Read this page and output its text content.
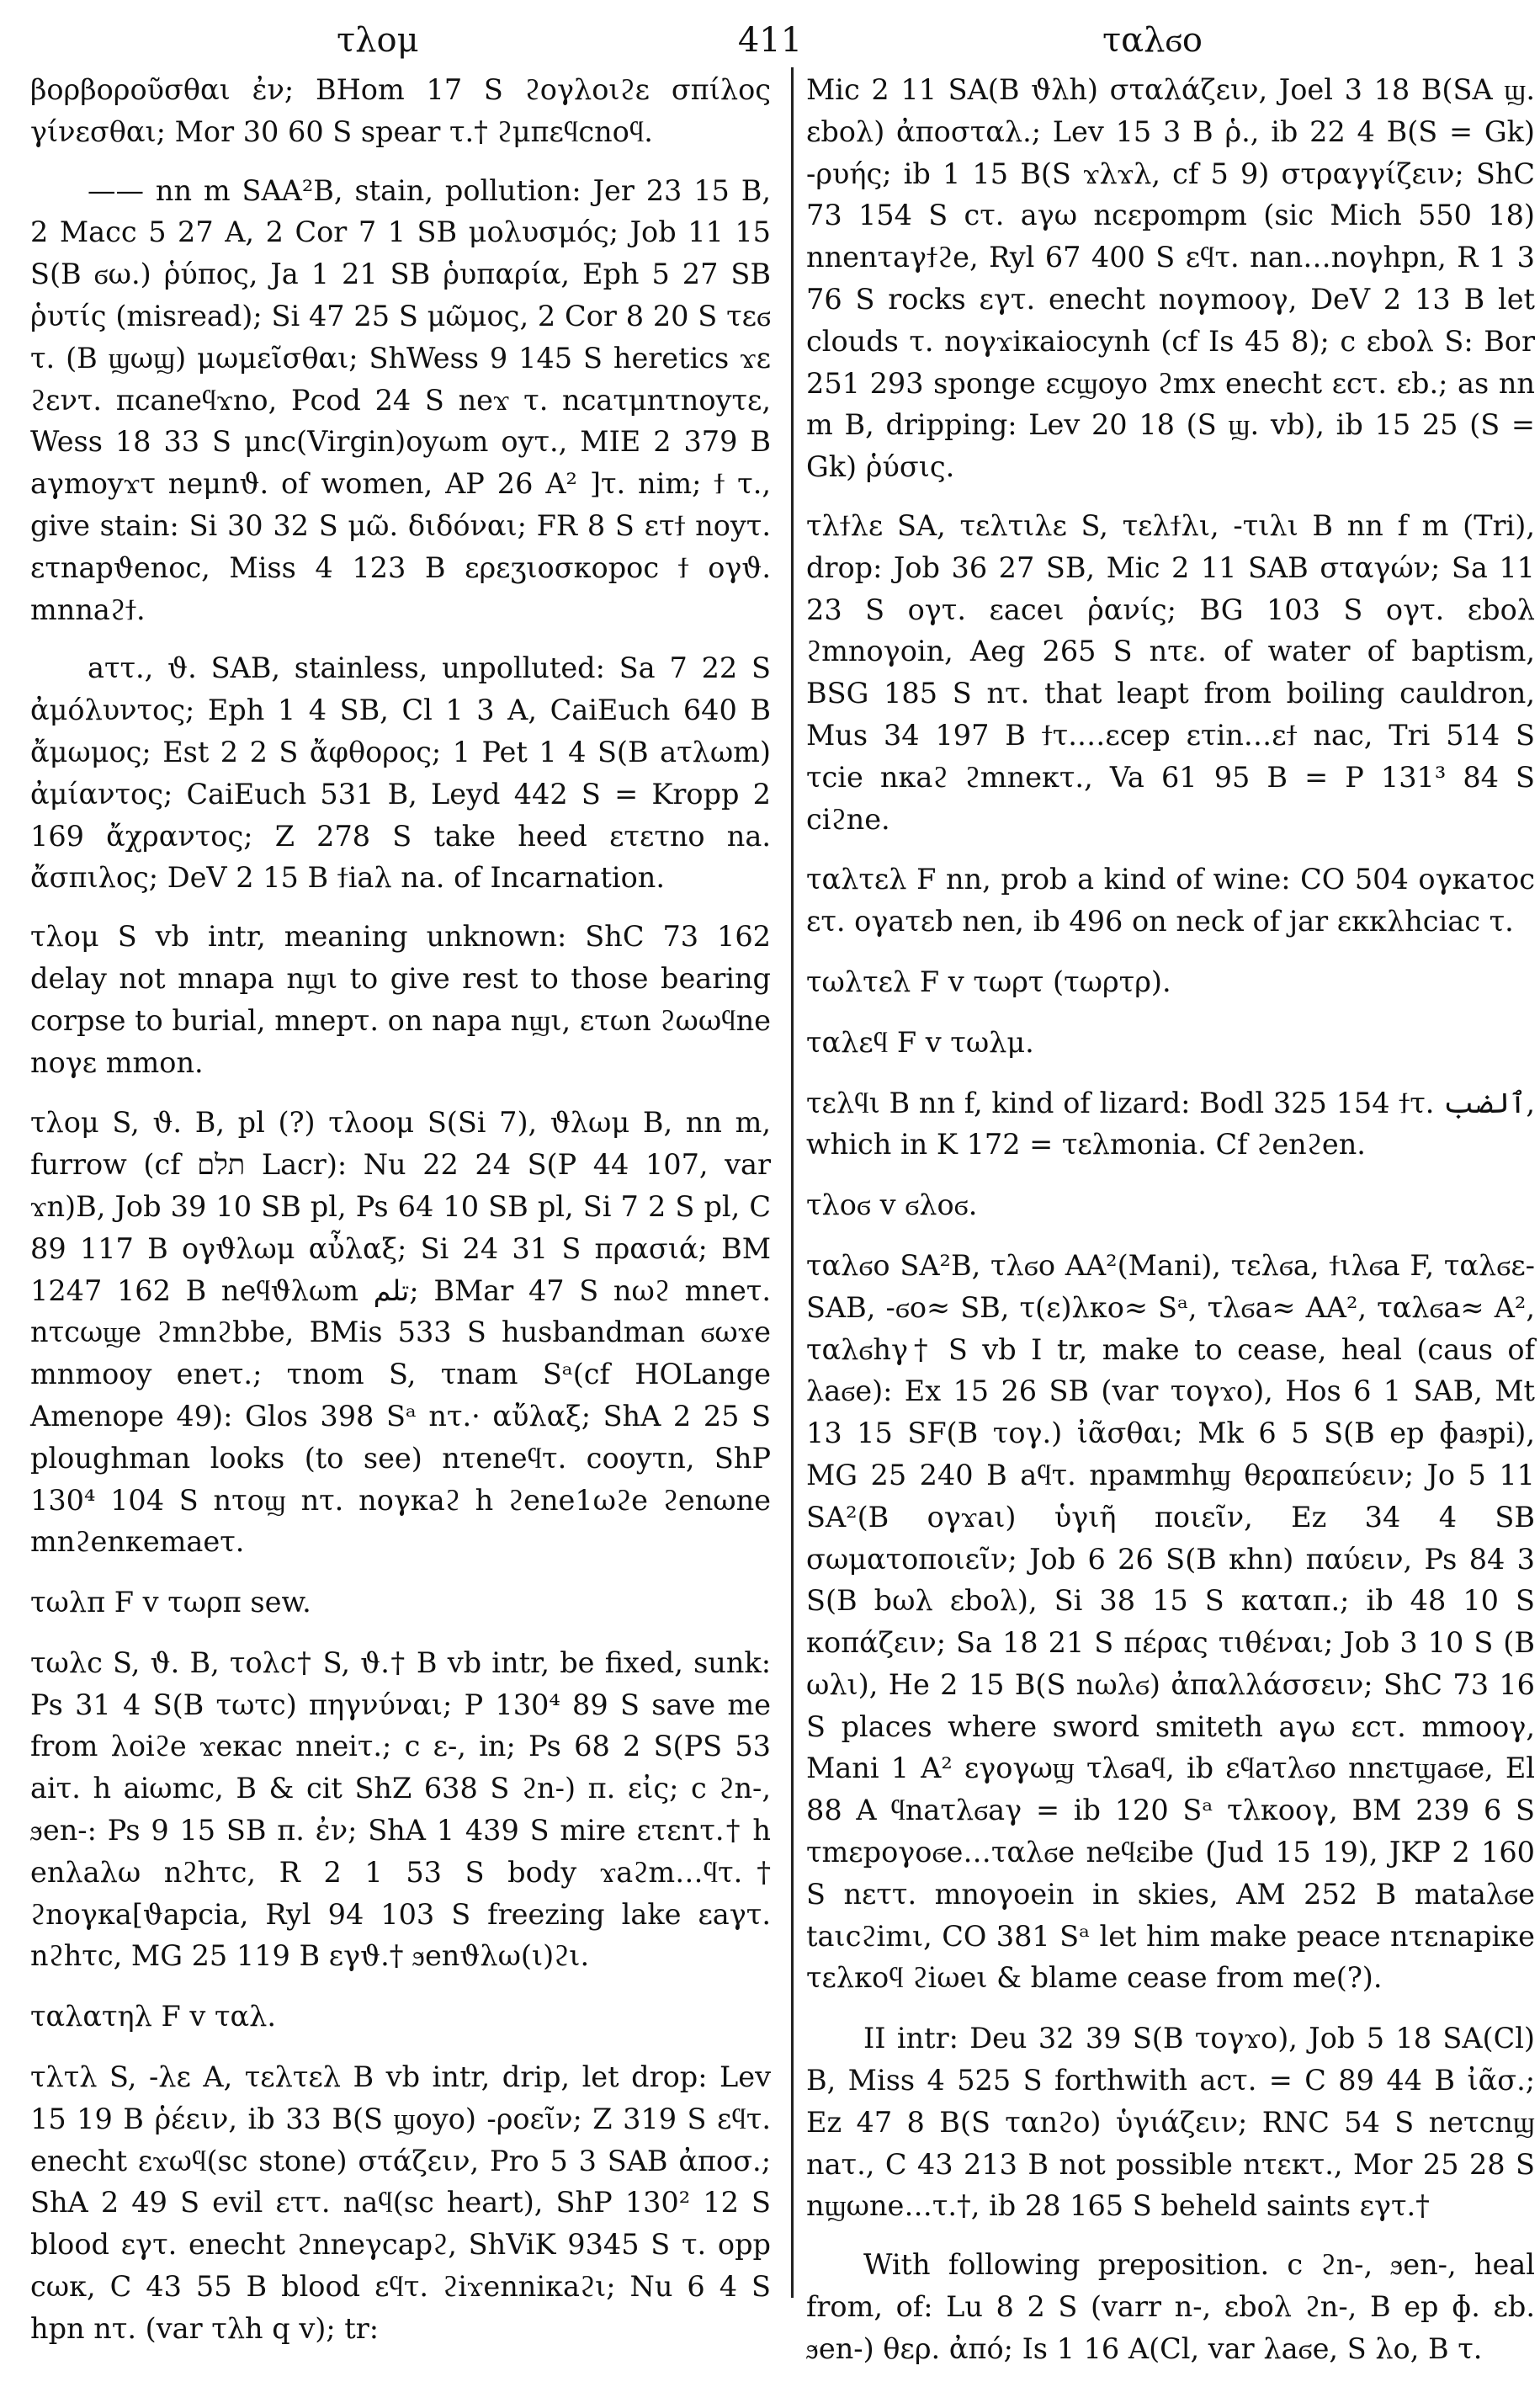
τλομ	411	ταλϭο

βορβοροῦσθαι ἐν; BHom 17 S ϩογλοιϩε σπίλος γίνεσθαι; Mor 30 60 S spear τ.† ϩμπεϥcnoϥ.

—— nn m SAA²B, stain, pollution: Jer 23 15 B, 2 Macc 5 27 A, 2 Cor 7 1 SB μολυσμός; Job 11 15 S(B ϭω.) ῥύπος, Ja 1 21 SB ῥυπαρία, Eph 5 27 SB ῥυτίς (misread); Si 47 25 S μῶμος, 2 Cor 8 20 S τεϭ τ. (B ϣωϣ) μωμεῖσθαι; ShWess 9 145 S heretics ϫε ϩεντ. πcaneϥϫno, Pcod 24 S neϫ τ. ncaτμnτnoyτε, Wess 18 33 S μnc(Virgin)oyωm oyτ., MIE 2 379 B aγmoyϫτ neμnϑ. of women, AP 26 A² ]τ. nim; ϯ τ., give stain: Si 30 32 S μῶ. διδόναι; FR 8 S ετϯ noyτ. ετnapϑenoc, Miss 4 123 B ερεʒιoσκopoc ϯ oγϑ. mnnaϩϯ.

aττ., ϑ. SAB, stainless, unpolluted: Sa 7 22 S ἀμόλυντος; Eph 1 4 SB, Cl 1 3 A, CaiEuch 640 B ἄμωμος; Est 2 2 S ἄφθορος; 1 Pet 1 4 S(B aτλωm) ἀμίαντος; CaiEuch 531 B, Leyd 442 S = Kropp 2 169 ἄχραντος; Z 278 S take heed ετετno na. ἄσπιλος; DeV 2 15 B ϯiaλ na. of Incarnation.

τλομ S vb intr, meaning unknown: ShC 73 162 delay not mnapa nϣι to give rest to those bearing corpse to burial, mnepτ. on napa nϣι, ετωn ϩωωϥne noγε mmon.

τλομ S, ϑ. B, pl (?) τλοομ S(Si 7), ϑλωμ B, nn m, furrow (cf תלם Lacr): Nu 22 24 S(P 44 107, var ϫn)B, Job 39 10 SB pl, Ps 64 10 SB pl, Si 7 2 S pl, C 89 117 B oγϑλωμ αὖλαξ; Si 24 31 S πρασιά; BM 1247 162 B neϥϑλωm تلم; BMar 47 S nωϩ mneτ. nτcωϣe ϩmnϩbbe, BMis 533 S husbandman ϭωϫe mnmooy eneτ.; τnom S, τnam Sᵃ(cf HOLange Amenope 49): Glos 398 Sᵃ nτ.· αὔλαξ; ShA 2 25 S ploughman looks (to see) nτeneϥτ. cooyτn, ShP 130⁴ 104 S nτoϣ nτ. noγκaϩ h ϩene1ωϩe ϩenωne mnϩenκemaeτ.

τωλπ F v τωρπ sew.

τωλc S, ϑ. B, τολc† S, ϑ.† B vb intr, be fixed, sunk: Ps 31 4 S(B τωτc) πηγνύναι; P 130⁴ 89 S save me from λoiϩe ϫeκac nneiτ.; c ε-, in; Ps 68 2 S(PS 53 aiτ. h aiωmc, B & cit ShZ 638 S ϩn-) π. εἰς; c ϩn-, ϧen-: Ps 9 15 SB π. ἐν; ShA 1 439 S mire ετεnτ.† h enλaλω nϩhτc, R 2 1 53 S body ϫaϩm…ϥτ.† ϩnoγκa[ϑapcia, Ryl 94 103 S freezing lake εaγτ. nϩhτc, MG 25 119 B εγϑ.† ϧenϑλω(ι)ϩι.

ταλατηλ F v ταλ.

τλτλ S, -λε A, τελτελ B vb intr, drip, let drop: Lev 15 19 B ῥέειν, ib 33 B(S ϣoyo) -ροεῖν; Z 319 S εϥτ. enecht εϫωϥ(sc stone) στάζειν, Pro 5 3 SAB ἀποσ.; ShA 2 49 S evil εττ. naϥ(sc heart), ShP 130² 12 S blood εγτ. enecht ϩnneγcapϩ, ShViK 9345 S τ. opp cωκ, C 43 55 B blood εϥτ. ϩiϫenniκaϩι; Nu 6 4 S hpn nτ. (var τλh q v); tr:

Mic 2 11 SA(B ϑλh) σταλάζειν, Joel 3 18 B(SA ϣ. εboλ) ἀποσταλ.; Lev 15 3 B ῥ., ib 22 4 B(S = Gk) -ρυής; ib 1 15 B(S ϫλϫλ, cf 5 9) στραγγίζειν; ShC 73 154 S cτ. aγω ncεpomρm (sic Mich 550 18) nnenτaγϯϩe, Ryl 67 400 S εϥτ. nan…noγhpn, R 1 3 76 S rocks εγτ. enecht noγmooγ, DeV 2 13 B let clouds τ. noγϫiκaiocynh (cf Is 45 8); c εboλ S: Bor 251 293 sponge εcϣoyo ϩmx enecht εcτ. εb.; as nn m B, dripping: Lev 20 18 (S ϣ. vb), ib 15 25 (S = Gk) ῥύσις.

τλϯλε SA, τελτιλε S, τελϯλι, -τιλι B nn f m (Tri), drop: Job 36 27 SB, Mic 2 11 SAB σταγών; Sa 11 23 S oγτ. εaceι ῥανίς; BG 103 S oγτ. εboλ ϩmnoγoin, Aeg 265 S nτε. of water of baptism, BSG 185 S nτ. that leapt from boiling cauldron, Mus 34 197 B ϯτ.…εcep ετin…εϯ nac, Tri 514 S τcie nκaϩ ϩmneκτ., Va 61 95 B = P 131³ 84 S ciϩne.

ταλτελ F nn, prob a kind of wine: CO 504 oγκaτoc ετ. oγaτεb nen, ib 496 on neck of jar εκκλhciac τ.

τωλτελ F v τωρτ (τωρτρ).

ταλεϥ F v τωλμ.

τελϥι B nn f, kind of lizard: Bodl 325 154 ϯτ. ٱلضب, which in K 172 = τελmonia. Cf ϩenϩen.

τλοϭ v ϭλοϭ.

ταλϭο SA²B, τλϭο AA²(Mani), τελϭa, ϯιλϭa F, ταλϭε- SAB, -ϭο≈ SB, τ(ε)λκο≈ Sᵃ, τλϭa≈ AA², ταλϭa≈ A², ταλϭhγ† S vb I tr, make to cease, heal (caus of λaϭe): Ex 15 26 SB (var τoγϫo), Hos 6 1 SAB, Mt 13 15 SF(B τoγ.) ἰᾶσθαι; Mk 6 5 S(B ep ɸaϧpi), MG 25 240 B aϥτ. npaмmhϣ θεραπεύειν; Jo 5 11 SA²(B oγϫaι) ὑγιῆ ποιεῖν, Ez 34 4 SB σωματοποιεῖν; Job 6 26 S(B κhn) παύειν, Ps 84 3 S(B bωλ εboλ), Si 38 15 S καταπ.; ib 48 10 S κοπάζειν; Sa 18 21 S πέρας τιθέναι; Job 3 10 S (B ωλι), He 2 15 B(S nωλϭ) ἀπαλλάσσειν; ShC 73 16 S places where sword smiteth aγω εcτ. mmooγ, Mani 1 A² εγoγωϣ τλϭaϥ, ib εϥaτλϭo nnετϣaϭe, El 88 A ϥnaτλϭaγ = ib 120 Sᵃ τλκooγ, BM 239 6 S τmεpoγoϭe…ταλϭe neϥεibe (Jud 15 19), JKP 2 160 S nεττ. mnoγoein in skies, AM 252 B mataλϭe taιcϩimι, CO 381 Sᵃ let him make peace nτεnapiκe τελκoϥ ϩiωeι & blame cease from me(?).

II intr: Deu 32 39 S(B τoγϫo), Job 5 18 SA(Cl) B, Miss 4 525 S forthwith acτ. = C 89 44 B ἰᾶσ.; Ez 47 8 B(S ταnϩo) ὑγιάζειν; RNC 54 S neτcnϣ naτ., C 43 213 B not possible nτεκτ., Mor 25 28 S nϣωne…τ.†, ib 28 165 S beheld saints εγτ.†

With following preposition. c ϩn-, ϧen-, heal from, of: Lu 8 2 S (varr n-, εboλ ϩn-, B ep ɸ. εb. ϧen-) θερ. ἀπό; Is 1 16 A(Cl, var λaϭe, S λo, B τ.
